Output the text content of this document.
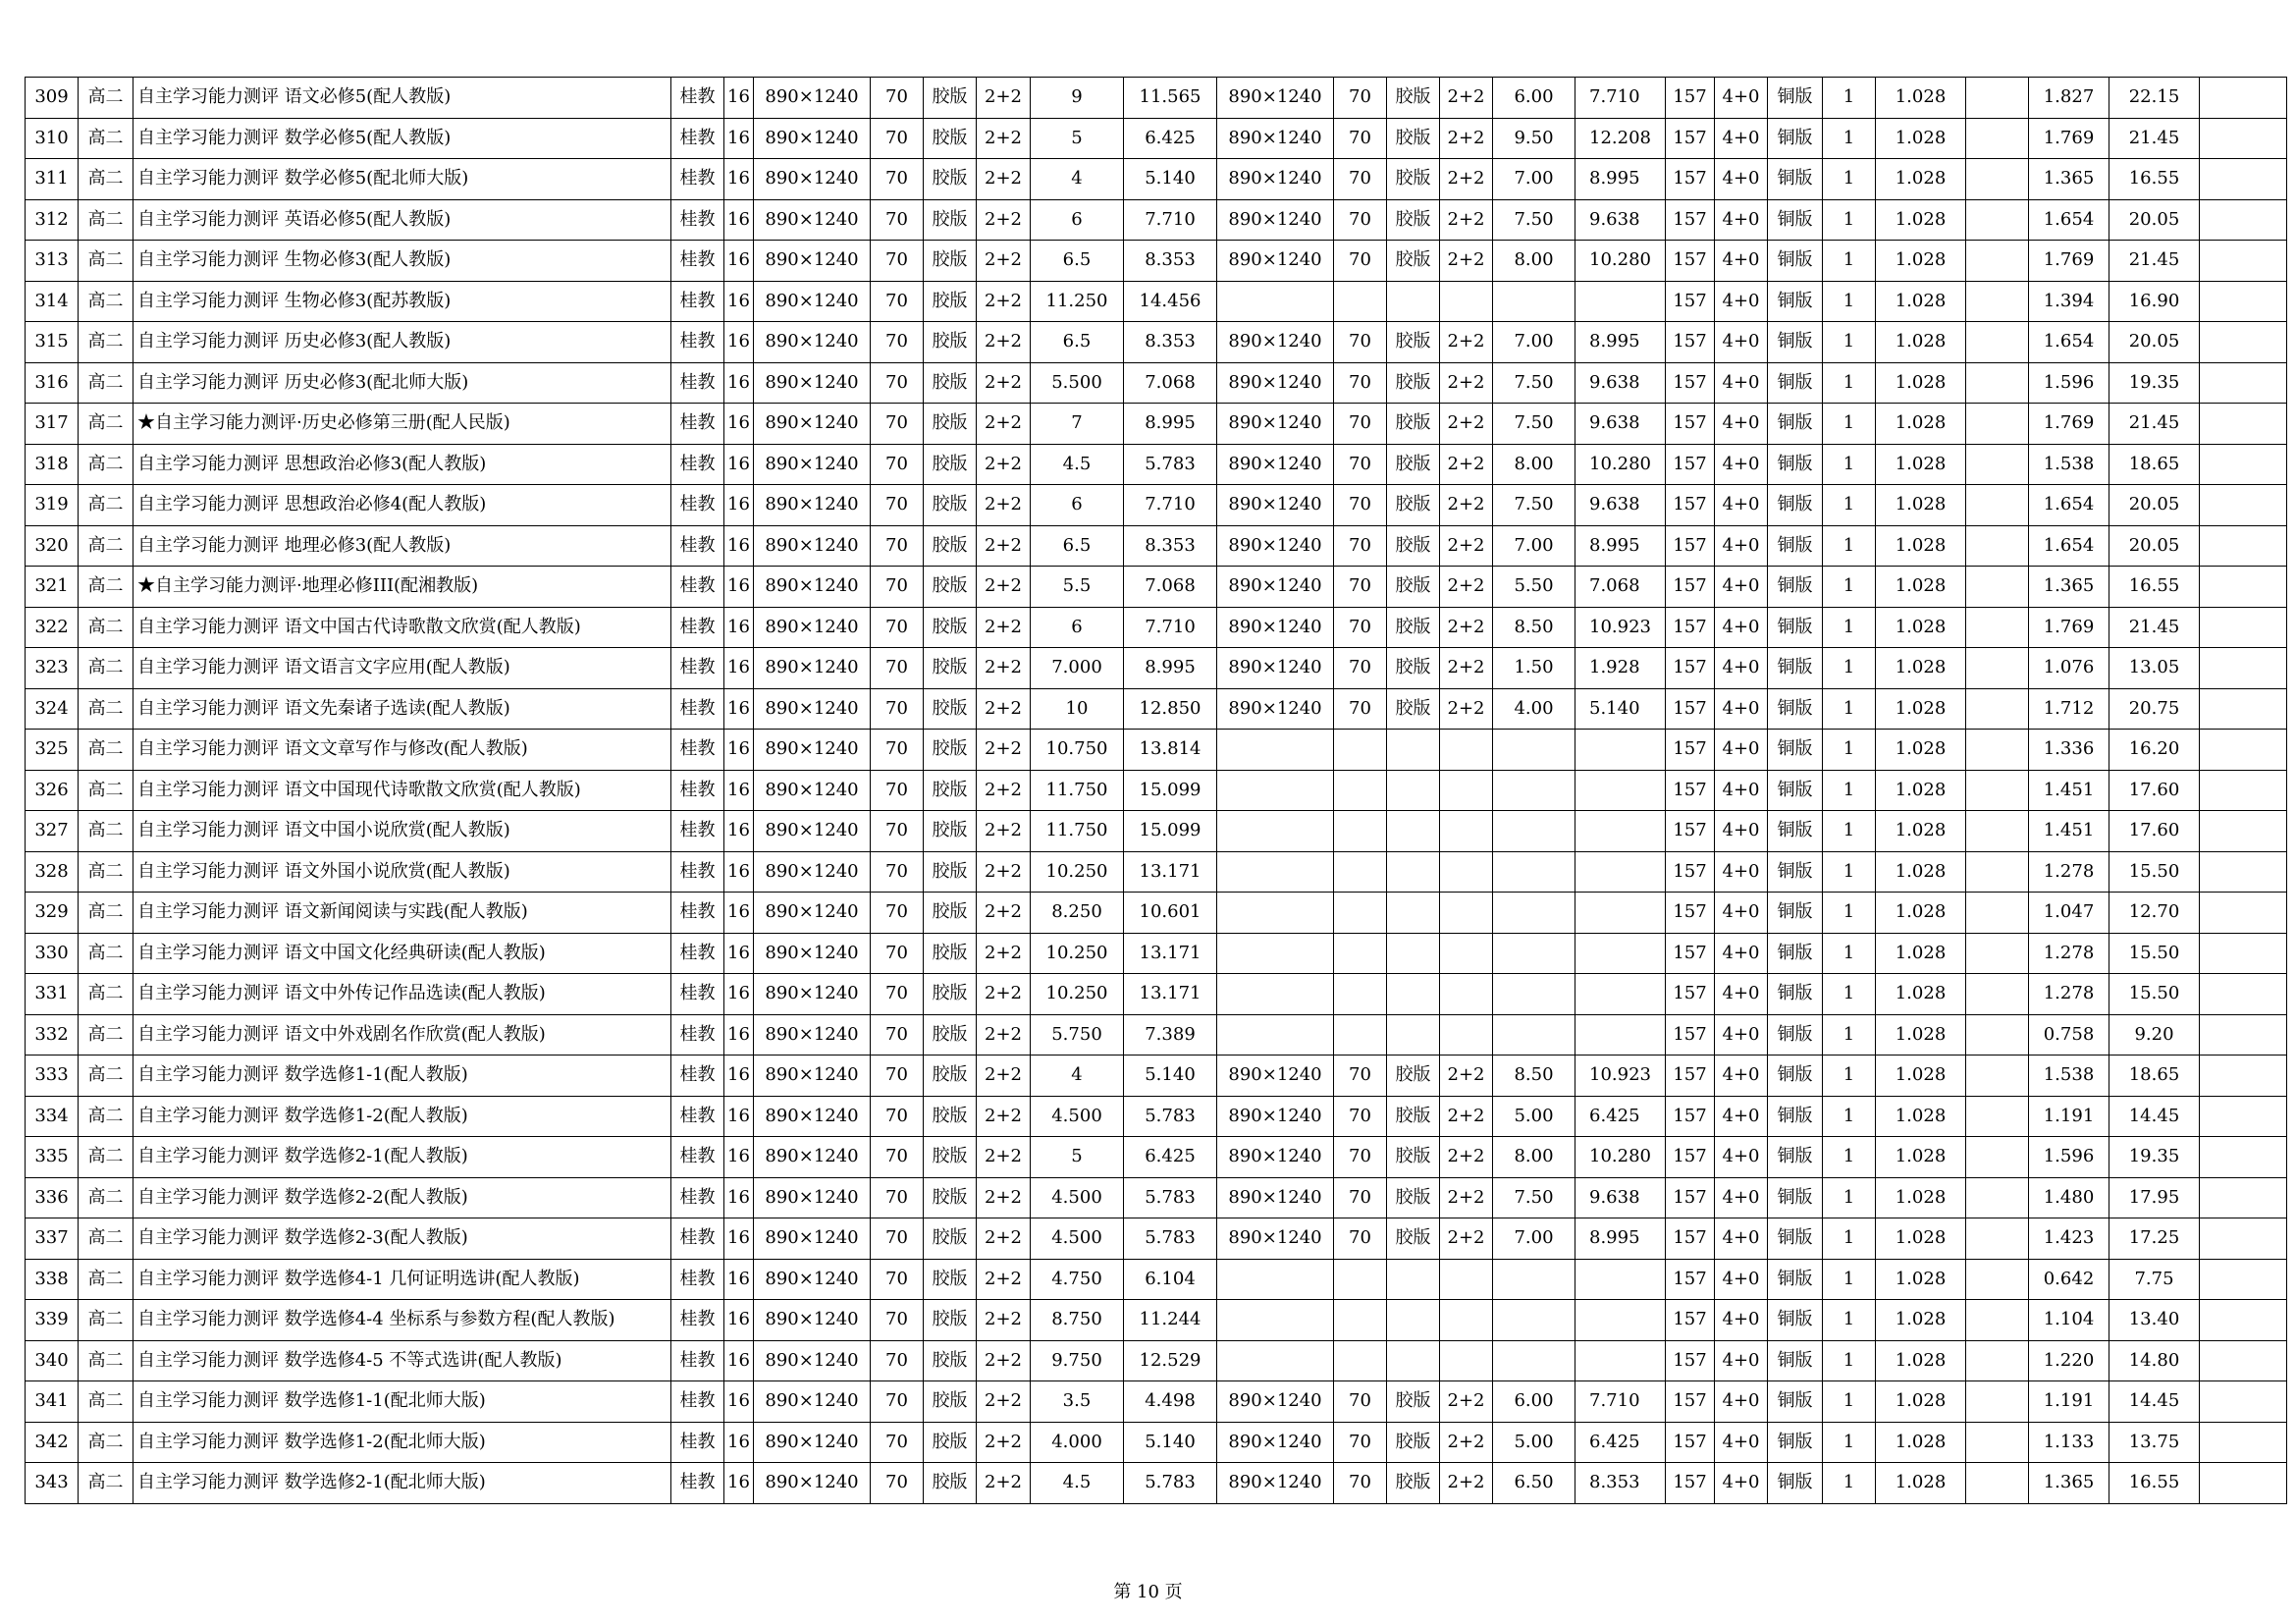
309	高二	自主学习能力测评 语文必修5(配人教版)	桂教	16	890×1240	70	胶版	2+2	9	11.565	890×1240	70	胶版	2+2	6.00	7.710	157	4+0	铜版	1	1.028		1.827	22.15	
310	高二	自主学习能力测评 数学必修5(配人教版)	桂教	16	890×1240	70	胶版	2+2	5	6.425	890×1240	70	胶版	2+2	9.50	12.208	157	4+0	铜版	1	1.028		1.769	21.45	
311	高二	自主学习能力测评 数学必修5(配北师大版)	桂教	16	890×1240	70	胶版	2+2	4	5.140	890×1240	70	胶版	2+2	7.00	8.995	157	4+0	铜版	1	1.028		1.365	16.55	
312	高二	自主学习能力测评 英语必修5(配人教版)	桂教	16	890×1240	70	胶版	2+2	6	7.710	890×1240	70	胶版	2+2	7.50	9.638	157	4+0	铜版	1	1.028		1.654	20.05	
313	高二	自主学习能力测评 生物必修3(配人教版)	桂教	16	890×1240	70	胶版	2+2	6.5	8.353	890×1240	70	胶版	2+2	8.00	10.280	157	4+0	铜版	1	1.028		1.769	21.45	
314	高二	自主学习能力测评 生物必修3(配苏教版)	桂教	16	890×1240	70	胶版	2+2	11.250	14.456							157	4+0	铜版	1	1.028		1.394	16.90	
315	高二	自主学习能力测评 历史必修3(配人教版)	桂教	16	890×1240	70	胶版	2+2	6.5	8.353	890×1240	70	胶版	2+2	7.00	8.995	157	4+0	铜版	1	1.028		1.654	20.05	
316	高二	自主学习能力测评 历史必修3(配北师大版)	桂教	16	890×1240	70	胶版	2+2	5.500	7.068	890×1240	70	胶版	2+2	7.50	9.638	157	4+0	铜版	1	1.028		1.596	19.35	
317	高二	★自主学习能力测评·历史必修第三册(配人民版)	桂教	16	890×1240	70	胶版	2+2	7	8.995	890×1240	70	胶版	2+2	7.50	9.638	157	4+0	铜版	1	1.028		1.769	21.45	
318	高二	自主学习能力测评 思想政治必修3(配人教版)	桂教	16	890×1240	70	胶版	2+2	4.5	5.783	890×1240	70	胶版	2+2	8.00	10.280	157	4+0	铜版	1	1.028		1.538	18.65	
319	高二	自主学习能力测评 思想政治必修4(配人教版)	桂教	16	890×1240	70	胶版	2+2	6	7.710	890×1240	70	胶版	2+2	7.50	9.638	157	4+0	铜版	1	1.028		1.654	20.05	
320	高二	自主学习能力测评 地理必修3(配人教版)	桂教	16	890×1240	70	胶版	2+2	6.5	8.353	890×1240	70	胶版	2+2	7.00	8.995	157	4+0	铜版	1	1.028		1.654	20.05	
321	高二	★自主学习能力测评·地理必修III(配湘教版)	桂教	16	890×1240	70	胶版	2+2	5.5	7.068	890×1240	70	胶版	2+2	5.50	7.068	157	4+0	铜版	1	1.028		1.365	16.55	
322	高二	自主学习能力测评 语文中国古代诗歌散文欣赏(配人教版)	桂教	16	890×1240	70	胶版	2+2	6	7.710	890×1240	70	胶版	2+2	8.50	10.923	157	4+0	铜版	1	1.028		1.769	21.45	
323	高二	自主学习能力测评 语文语言文字应用(配人教版)	桂教	16	890×1240	70	胶版	2+2	7.000	8.995	890×1240	70	胶版	2+2	1.50	1.928	157	4+0	铜版	1	1.028		1.076	13.05	
324	高二	自主学习能力测评 语文先秦诸子选读(配人教版)	桂教	16	890×1240	70	胶版	2+2	10	12.850	890×1240	70	胶版	2+2	4.00	5.140	157	4+0	铜版	1	1.028		1.712	20.75	
325	高二	自主学习能力测评 语文文章写作与修改(配人教版)	桂教	16	890×1240	70	胶版	2+2	10.750	13.814							157	4+0	铜版	1	1.028		1.336	16.20	
326	高二	自主学习能力测评 语文中国现代诗歌散文欣赏(配人教版)	桂教	16	890×1240	70	胶版	2+2	11.750	15.099							157	4+0	铜版	1	1.028		1.451	17.60	
327	高二	自主学习能力测评 语文中国小说欣赏(配人教版)	桂教	16	890×1240	70	胶版	2+2	11.750	15.099							157	4+0	铜版	1	1.028		1.451	17.60	
328	高二	自主学习能力测评 语文外国小说欣赏(配人教版)	桂教	16	890×1240	70	胶版	2+2	10.250	13.171							157	4+0	铜版	1	1.028		1.278	15.50	
329	高二	自主学习能力测评 语文新闻阅读与实践(配人教版)	桂教	16	890×1240	70	胶版	2+2	8.250	10.601							157	4+0	铜版	1	1.028		1.047	12.70	
330	高二	自主学习能力测评 语文中国文化经典研读(配人教版)	桂教	16	890×1240	70	胶版	2+2	10.250	13.171							157	4+0	铜版	1	1.028		1.278	15.50	
331	高二	自主学习能力测评 语文中外传记作品选读(配人教版)	桂教	16	890×1240	70	胶版	2+2	10.250	13.171							157	4+0	铜版	1	1.028		1.278	15.50	
332	高二	自主学习能力测评 语文中外戏剧名作欣赏(配人教版)	桂教	16	890×1240	70	胶版	2+2	5.750	7.389							157	4+0	铜版	1	1.028		0.758	9.20	
333	高二	自主学习能力测评 数学选修1-1(配人教版)	桂教	16	890×1240	70	胶版	2+2	4	5.140	890×1240	70	胶版	2+2	8.50	10.923	157	4+0	铜版	1	1.028		1.538	18.65	
334	高二	自主学习能力测评 数学选修1-2(配人教版)	桂教	16	890×1240	70	胶版	2+2	4.500	5.783	890×1240	70	胶版	2+2	5.00	6.425	157	4+0	铜版	1	1.028		1.191	14.45	
335	高二	自主学习能力测评 数学选修2-1(配人教版)	桂教	16	890×1240	70	胶版	2+2	5	6.425	890×1240	70	胶版	2+2	8.00	10.280	157	4+0	铜版	1	1.028		1.596	19.35	
336	高二	自主学习能力测评 数学选修2-2(配人教版)	桂教	16	890×1240	70	胶版	2+2	4.500	5.783	890×1240	70	胶版	2+2	7.50	9.638	157	4+0	铜版	1	1.028		1.480	17.95	
337	高二	自主学习能力测评 数学选修2-3(配人教版)	桂教	16	890×1240	70	胶版	2+2	4.500	5.783	890×1240	70	胶版	2+2	7.00	8.995	157	4+0	铜版	1	1.028		1.423	17.25	
338	高二	自主学习能力测评 数学选修4-1 几何证明选讲(配人教版)	桂教	16	890×1240	70	胶版	2+2	4.750	6.104							157	4+0	铜版	1	1.028		0.642	7.75	
339	高二	自主学习能力测评 数学选修4-4 坐标系与参数方程(配人教版)	桂教	16	890×1240	70	胶版	2+2	8.750	11.244							157	4+0	铜版	1	1.028		1.104	13.40	
340	高二	自主学习能力测评 数学选修4-5 不等式选讲(配人教版)	桂教	16	890×1240	70	胶版	2+2	9.750	12.529							157	4+0	铜版	1	1.028		1.220	14.80	
341	高二	自主学习能力测评 数学选修1-1(配北师大版)	桂教	16	890×1240	70	胶版	2+2	3.5	4.498	890×1240	70	胶版	2+2	6.00	7.710	157	4+0	铜版	1	1.028		1.191	14.45	
342	高二	自主学习能力测评 数学选修1-2(配北师大版)	桂教	16	890×1240	70	胶版	2+2	4.000	5.140	890×1240	70	胶版	2+2	5.00	6.425	157	4+0	铜版	1	1.028		1.133	13.75	
343	高二	自主学习能力测评 数学选修2-1(配北师大版)	桂教	16	890×1240	70	胶版	2+2	4.5	5.783	890×1240	70	胶版	2+2	6.50	8.353	157	4+0	铜版	1	1.028		1.365	16.55	
第 10 页
